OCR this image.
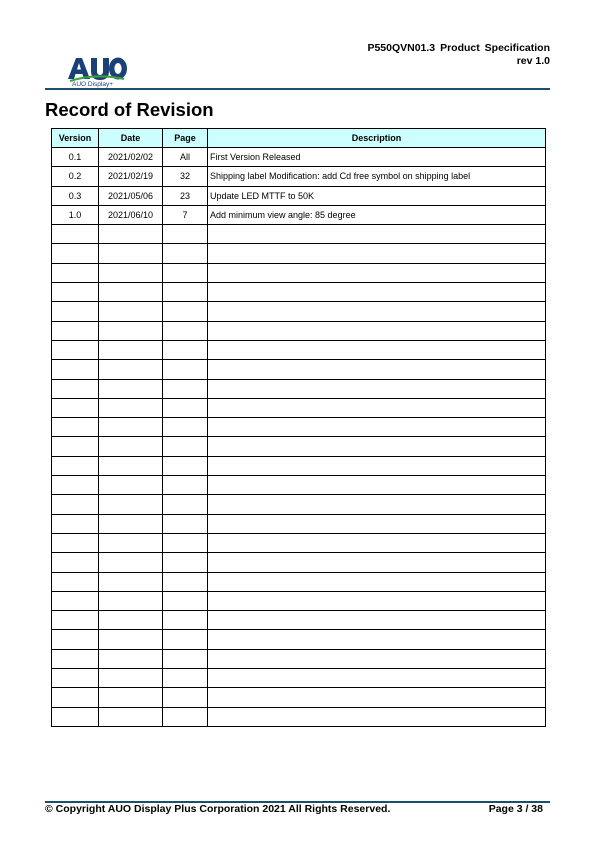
AUO Display+
P550QVN01.3 Product Specification
rev 1.0
Record of Revision
Version	Date	Page	Description
0.1	2021/02/02	All	First Version Released
0.2	2021/02/19	32	Shipping label Modification: add Cd free symbol on shipping label
0.3	2021/05/06	23	Update LED MTTF to 50K
1.0	2021/06/10	7	Add minimum view angle: 85 degree

© Copyright AUO Display Plus Corporation 2021 All Rights Reserved.	Page 3 / 38
